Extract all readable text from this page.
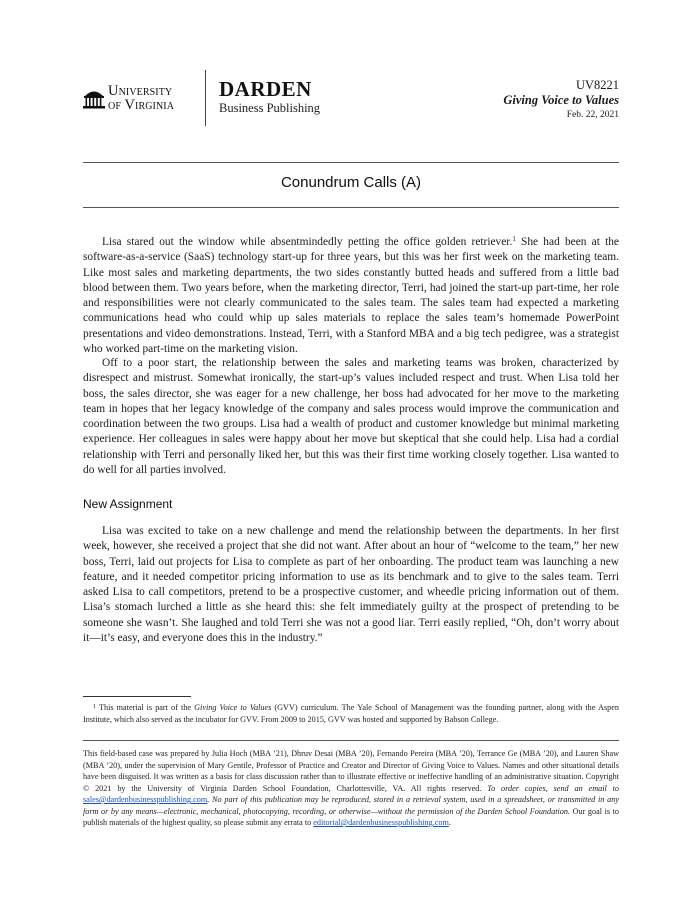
University
of Virginia
DARDEN
Business Publishing
UV8221
Giving Voice to Values
Feb. 22, 2021
Conundrum Calls (A)

Lisa stared out the window while absentmindedly petting the office golden retriever.$^1$ She had been at the software-as-a-service (SaaS) technology start-up for three years, but this was her first week on the marketing team. Like most sales and marketing departments, the two sides constantly butted heads and suffered from a little bad blood between them. Two years before, when the marketing director, Terri, had joined the start-up part-time, her role and responsibilities were not clearly communicated to the sales team. The sales team had expected a marketing communications head who could whip up sales materials to replace the sales team’s homemade PowerPoint presentations and video demonstrations. Instead, Terri, with a Stanford MBA and a big tech pedigree, was a strategist who worked part-time on the marketing vision.

Off to a poor start, the relationship between the sales and marketing teams was broken, characterized by disrespect and mistrust. Somewhat ironically, the start-up’s values included respect and trust. When Lisa told her boss, the sales director, she was eager for a new challenge, her boss had advocated for her move to the marketing team in hopes that her legacy knowledge of the company and sales process would improve the communication and coordination between the two groups. Lisa had a wealth of product and customer knowledge but minimal marketing experience. Her colleagues in sales were happy about her move but skeptical that she could help. Lisa had a cordial relationship with Terri and personally liked her, but this was their first time working closely together. Lisa wanted to do well for all parties involved.

New Assignment

Lisa was excited to take on a new challenge and mend the relationship between the departments. In her first week, however, she received a project that she did not want. After about an hour of “welcome to the team,” her new boss, Terri, laid out projects for Lisa to complete as part of her onboarding. The product team was launching a new feature, and it needed competitor pricing information to use as its benchmark and to give to the sales team. Terri asked Lisa to call competitors, pretend to be a prospective customer, and wheedle pricing information out of them. Lisa’s stomach lurched a little as she heard this: she felt immediately guilty at the prospect of pretending to be someone she wasn’t. She laughed and told Terri she was not a good liar. Terri easily replied, “Oh, don’t worry about it—it’s easy, and everyone does this in the industry.”

$^1$ This material is part of the Giving Voice to Values (GVV) curriculum. The Yale School of Management was the founding partner, along with the Aspen Institute, which also served as the incubator for GVV. From 2009 to 2015, GVV was hosted and supported by Babson College.
This field-based case was prepared by Julia Hoch (MBA ’21), Dhruv Desai (MBA ’20), Fernando Pereira (MBA ’20), Terrance Ge (MBA ’20), and Lauren Shaw (MBA ’20), under the supervision of Mary Gentile, Professor of Practice and Creator and Director of Giving Voice to Values. Names and other situational details have been disguised. It was written as a basis for class discussion rather than to illustrate effective or ineffective handling of an administrative situation. Copyright © 2021 by the University of Virginia Darden School Foundation, Charlottesville, VA. All rights reserved. To order copies, send an email to sales@dardenbusinesspublishing.com. No part of this publication may be reproduced, stored in a retrieval system, used in a spreadsheet, or transmitted in any form or by any means—electronic, mechanical, photocopying, recording, or otherwise—without the permission of the Darden School Foundation. Our goal is to publish materials of the highest quality, so please submit any errata to editorial@dardenbusinesspublishing.com.
